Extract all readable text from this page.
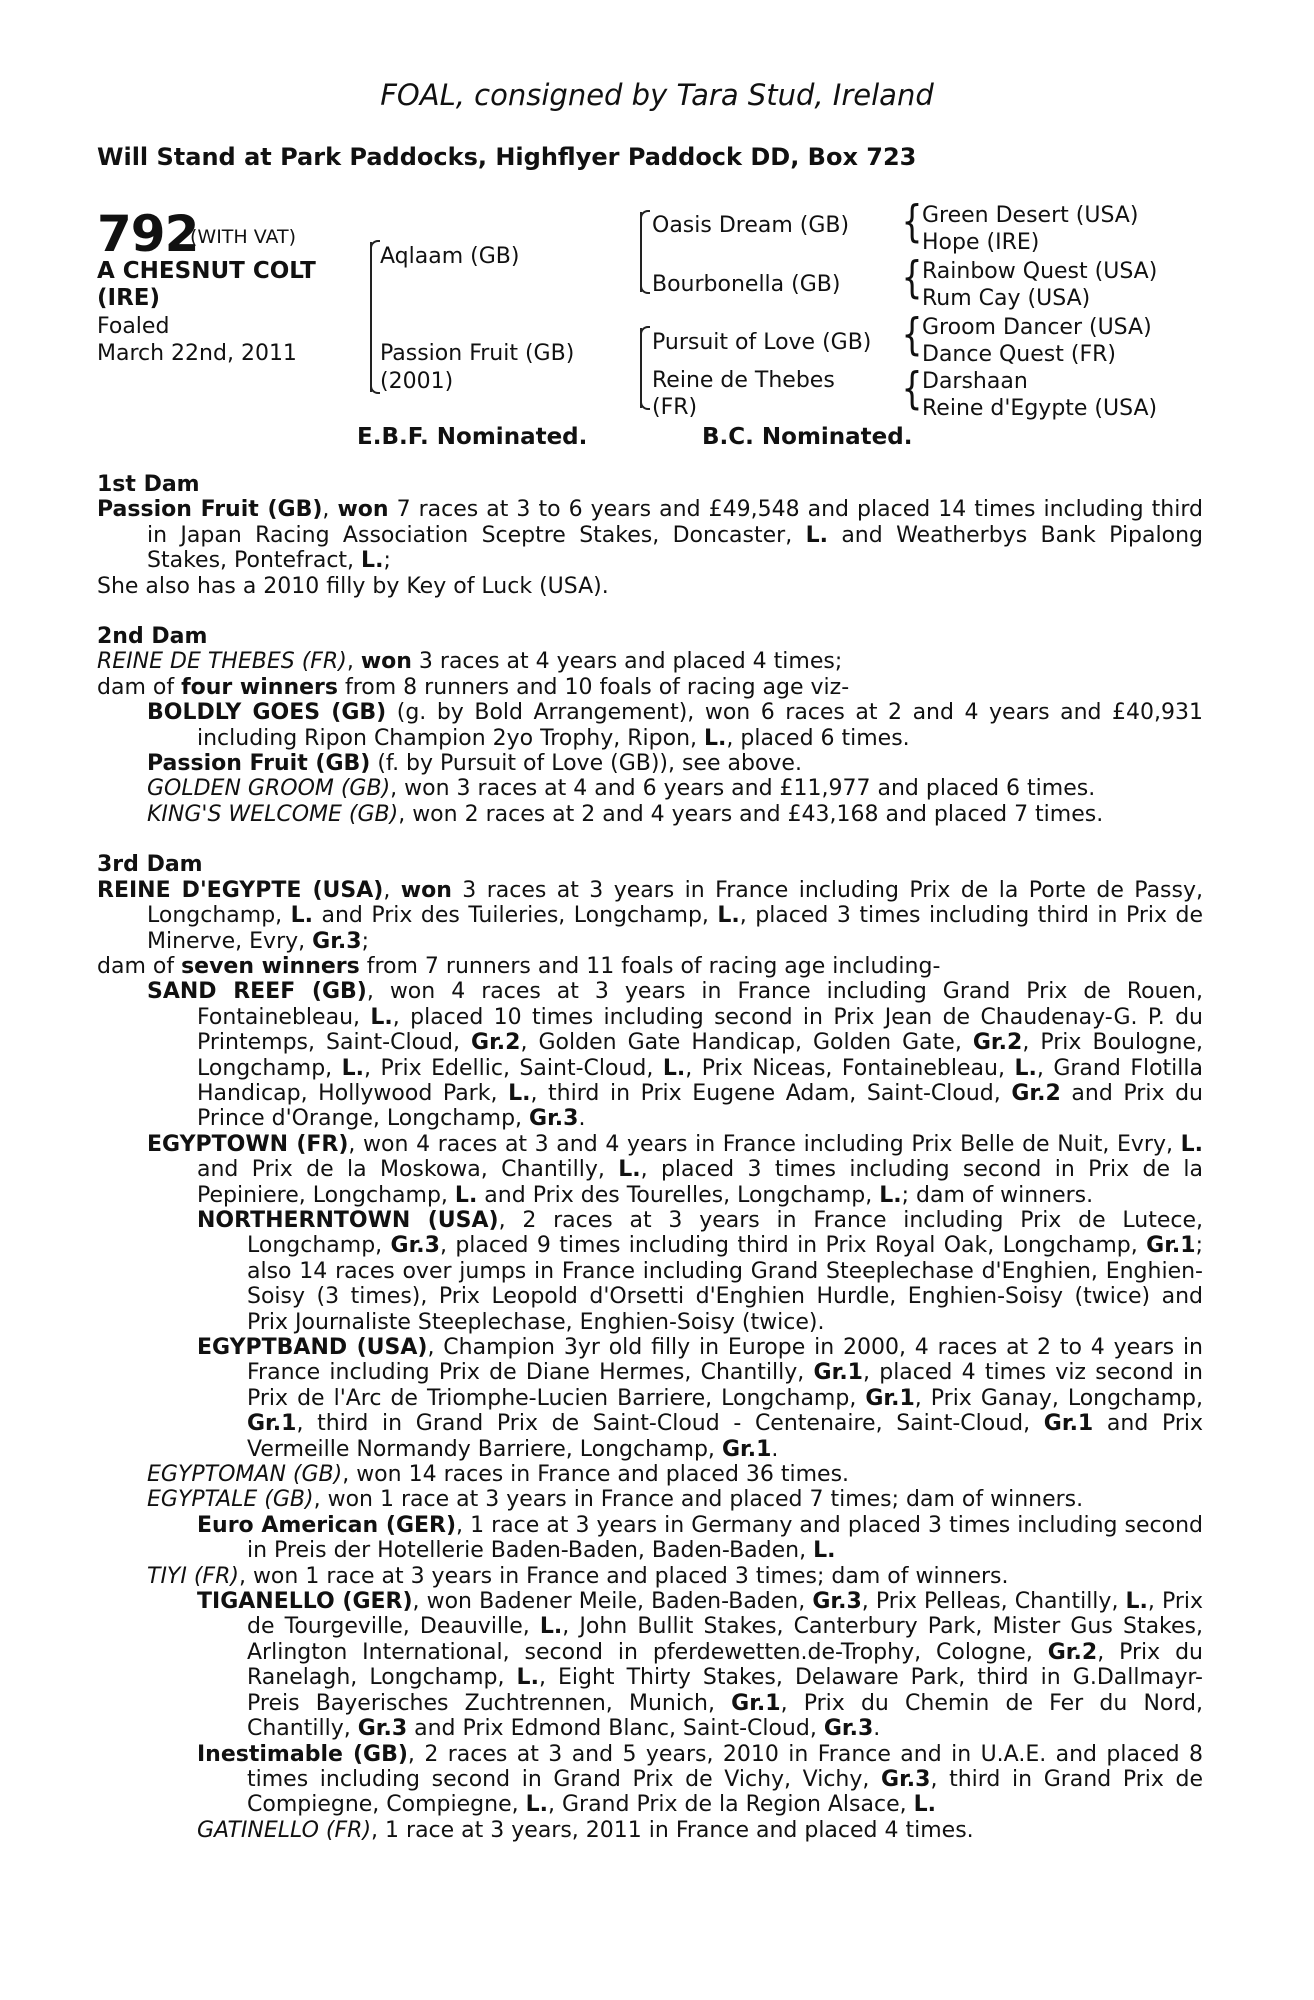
FOAL, consigned by Tara Stud, Ireland
Will Stand at Park Paddocks, Highflyer Paddock DD, Box 723
792
(WITH VAT)
A CHESNUT COLT
(IRE)
Foaled
March 22nd, 2011
Aqlaam (GB)
Passion Fruit (GB)
(2001)
Oasis Dream (GB)
Bourbonella (GB)
Pursuit of Love (GB)
Reine de Thebes
(FR)
{ Green Desert (USA)
Hope (IRE)
{ Rainbow Quest (USA)
Rum Cay (USA)
{ Groom Dancer (USA)
Dance Quest (FR)
{ Darshaan
Reine d'Egypte (USA)
E.B.F. Nominated.	B.C. Nominated.
1st Dam
Passion Fruit (GB), won 7 races at 3 to 6 years and £49,548 and placed 14 times including third in Japan Racing Association Sceptre Stakes, Doncaster, L. and Weatherbys Bank Pipalong Stakes, Pontefract, L.;
She also has a 2010 filly by Key of Luck (USA).
2nd Dam
REINE DE THEBES (FR), won 3 races at 4 years and placed 4 times;
dam of four winners from 8 runners and 10 foals of racing age viz-
BOLDLY GOES (GB) (g. by Bold Arrangement), won 6 races at 2 and 4 years and £40,931 including Ripon Champion 2yo Trophy, Ripon, L., placed 6 times.
Passion Fruit (GB) (f. by Pursuit of Love (GB)), see above.
GOLDEN GROOM (GB), won 3 races at 4 and 6 years and £11,977 and placed 6 times.
KING'S WELCOME (GB), won 2 races at 2 and 4 years and £43,168 and placed 7 times.
3rd Dam
REINE D'EGYPTE (USA), won 3 races at 3 years in France including Prix de la Porte de Passy, Longchamp, L. and Prix des Tuileries, Longchamp, L., placed 3 times including third in Prix de Minerve, Evry, Gr.3;
dam of seven winners from 7 runners and 11 foals of racing age including-
SAND REEF (GB), won 4 races at 3 years in France including Grand Prix de Rouen, Fontainebleau, L., placed 10 times including second in Prix Jean de Chaudenay-G. P. du Printemps, Saint-Cloud, Gr.2, Golden Gate Handicap, Golden Gate, Gr.2, Prix Boulogne, Longchamp, L., Prix Edellic, Saint-Cloud, L., Prix Niceas, Fontainebleau, L., Grand Flotilla Handicap, Hollywood Park, L., third in Prix Eugene Adam, Saint-Cloud, Gr.2 and Prix du Prince d'Orange, Longchamp, Gr.3.
EGYPTOWN (FR), won 4 races at 3 and 4 years in France including Prix Belle de Nuit, Evry, L. and Prix de la Moskowa, Chantilly, L., placed 3 times including second in Prix de la Pepiniere, Longchamp, L. and Prix des Tourelles, Longchamp, L.; dam of winners.
NORTHERNTOWN (USA), 2 races at 3 years in France including Prix de Lutece, Longchamp, Gr.3, placed 9 times including third in Prix Royal Oak, Longchamp, Gr.1; also 14 races over jumps in France including Grand Steeplechase d'Enghien, Enghien-Soisy (3 times), Prix Leopold d'Orsetti d'Enghien Hurdle, Enghien-Soisy (twice) and Prix Journaliste Steeplechase, Enghien-Soisy (twice).
EGYPTBAND (USA), Champion 3yr old filly in Europe in 2000, 4 races at 2 to 4 years in France including Prix de Diane Hermes, Chantilly, Gr.1, placed 4 times viz second in Prix de l'Arc de Triomphe-Lucien Barriere, Longchamp, Gr.1, Prix Ganay, Longchamp, Gr.1, third in Grand Prix de Saint-Cloud - Centenaire, Saint-Cloud, Gr.1 and Prix Vermeille Normandy Barriere, Longchamp, Gr.1.
EGYPTOMAN (GB), won 14 races in France and placed 36 times.
EGYPTALE (GB), won 1 race at 3 years in France and placed 7 times; dam of winners.
Euro American (GER), 1 race at 3 years in Germany and placed 3 times including second in Preis der Hotellerie Baden-Baden, Baden-Baden, L.
TIYI (FR), won 1 race at 3 years in France and placed 3 times; dam of winners.
TIGANELLO (GER), won Badener Meile, Baden-Baden, Gr.3, Prix Pelleas, Chantilly, L., Prix de Tourgeville, Deauville, L., John Bullit Stakes, Canterbury Park, Mister Gus Stakes, Arlington International, second in pferdewetten.de-Trophy, Cologne, Gr.2, Prix du Ranelagh, Longchamp, L., Eight Thirty Stakes, Delaware Park, third in G.Dallmayr-Preis Bayerisches Zuchtrennen, Munich, Gr.1, Prix du Chemin de Fer du Nord, Chantilly, Gr.3 and Prix Edmond Blanc, Saint-Cloud, Gr.3.
Inestimable (GB), 2 races at 3 and 5 years, 2010 in France and in U.A.E. and placed 8 times including second in Grand Prix de Vichy, Vichy, Gr.3, third in Grand Prix de Compiegne, Compiegne, L., Grand Prix de la Region Alsace, L.
GATINELLO (FR), 1 race at 3 years, 2011 in France and placed 4 times.
